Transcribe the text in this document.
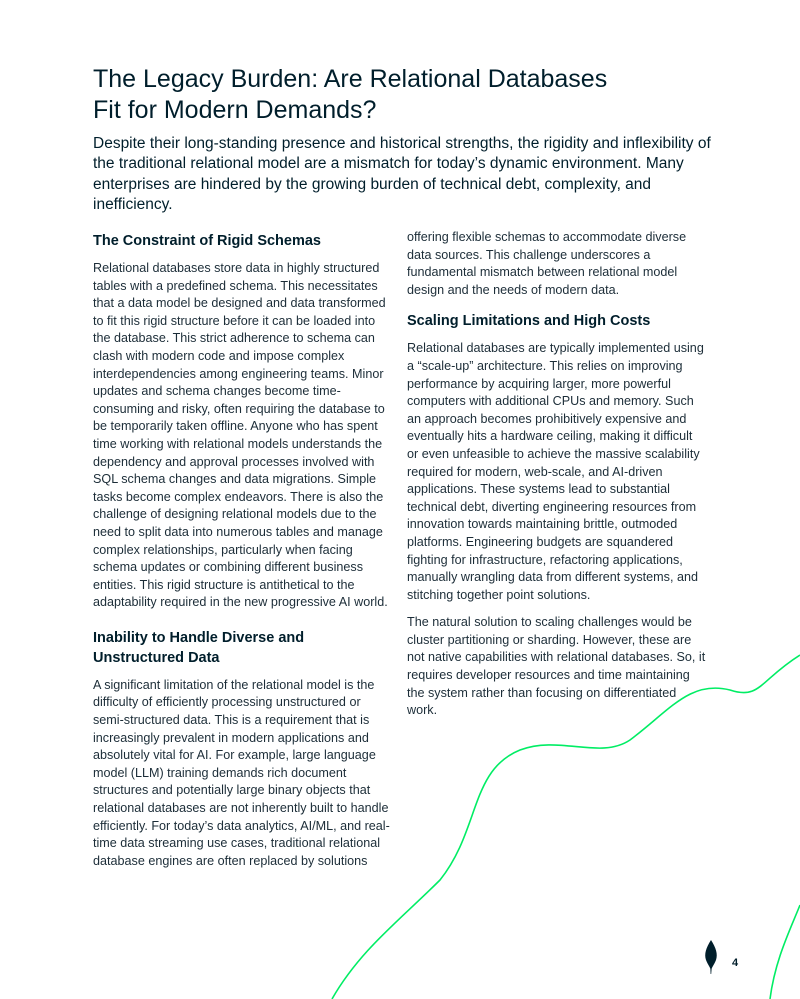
The Legacy Burden: Are Relational Databases
Fit for Modern Demands?

Despite their long-standing presence and historical strengths, the rigidity and inflexibility of the traditional relational model are a mismatch for today’s dynamic environment. Many enterprises are hindered by the growing burden of technical debt, complexity, and inefficiency.

The Constraint of Rigid Schemas

Relational databases store data in highly structured tables with a predefined schema. This necessitates that a data model be designed and data transformed to fit this rigid structure before it can be loaded into the database. This strict adherence to schema can clash with modern code and impose complex interdependencies among engineering teams. Minor updates and schema changes become time-consuming and risky, often requiring the database to be temporarily taken offline. Anyone who has spent time working with relational models understands the dependency and approval processes involved with SQL schema changes and data migrations. Simple tasks become complex endeavors. There is also the challenge of designing relational models due to the need to split data into numerous tables and manage complex relationships, particularly when facing schema updates or combining different business entities. This rigid structure is antithetical to the adaptability required in the new progressive AI world.

Inability to Handle Diverse and Unstructured Data

A significant limitation of the relational model is the difficulty of efficiently processing unstructured or semi-structured data. This is a requirement that is increasingly prevalent in modern applications and absolutely vital for AI. For example, large language model (LLM) training demands rich document structures and potentially large binary objects that relational databases are not inherently built to handle efficiently. For today’s data analytics, AI/ML, and real-time data streaming use cases, traditional relational database engines are often replaced by solutions

offering flexible schemas to accommodate diverse data sources. This challenge underscores a fundamental mismatch between relational model design and the needs of modern data.

Scaling Limitations and High Costs

Relational databases are typically implemented using a “scale-up” architecture. This relies on improving performance by acquiring larger, more powerful computers with additional CPUs and memory. Such an approach becomes prohibitively expensive and eventually hits a hardware ceiling, making it difficult or even unfeasible to achieve the massive scalability required for modern, web-scale, and AI-driven applications. These systems lead to substantial technical debt, diverting engineering resources from innovation towards maintaining brittle, outmoded platforms. Engineering budgets are squandered fighting for infrastructure, refactoring applications, manually wrangling data from different systems, and stitching together point solutions.

The natural solution to scaling challenges would be cluster partitioning or sharding. However, these are not native capabilities with relational databases. So, it requires developer resources and time maintaining the system rather than focusing on differentiated work.

4
